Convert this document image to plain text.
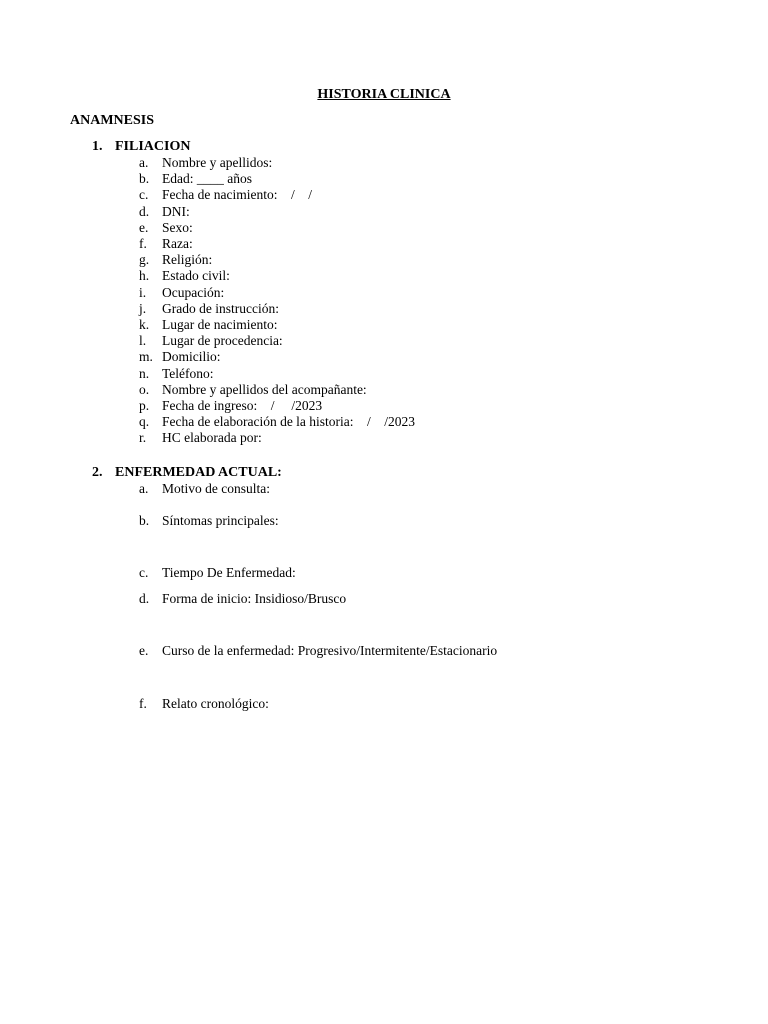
HISTORIA CLINICA
ANAMNESIS
1. FILIACION
a. Nombre y apellidos:
b. Edad: ____ años
c. Fecha de nacimiento:    /    /
d. DNI:
e. Sexo:
f. Raza:
g. Religión:
h. Estado civil:
i. Ocupación:
j. Grado de instrucción:
k. Lugar de nacimiento:
l. Lugar de procedencia:
m. Domicilio:
n. Teléfono:
o. Nombre y apellidos del acompañante:
p. Fecha de ingreso:    /     /2023
q. Fecha de elaboración de la historia:    /    /2023
r. HC elaborada por:
2. ENFERMEDAD ACTUAL:
a. Motivo de consulta:
b. Síntomas principales:
c. Tiempo De Enfermedad:
d. Forma de inicio: Insidioso/Brusco
e. Curso de la enfermedad: Progresivo/Intermitente/Estacionario
f. Relato cronológico:
